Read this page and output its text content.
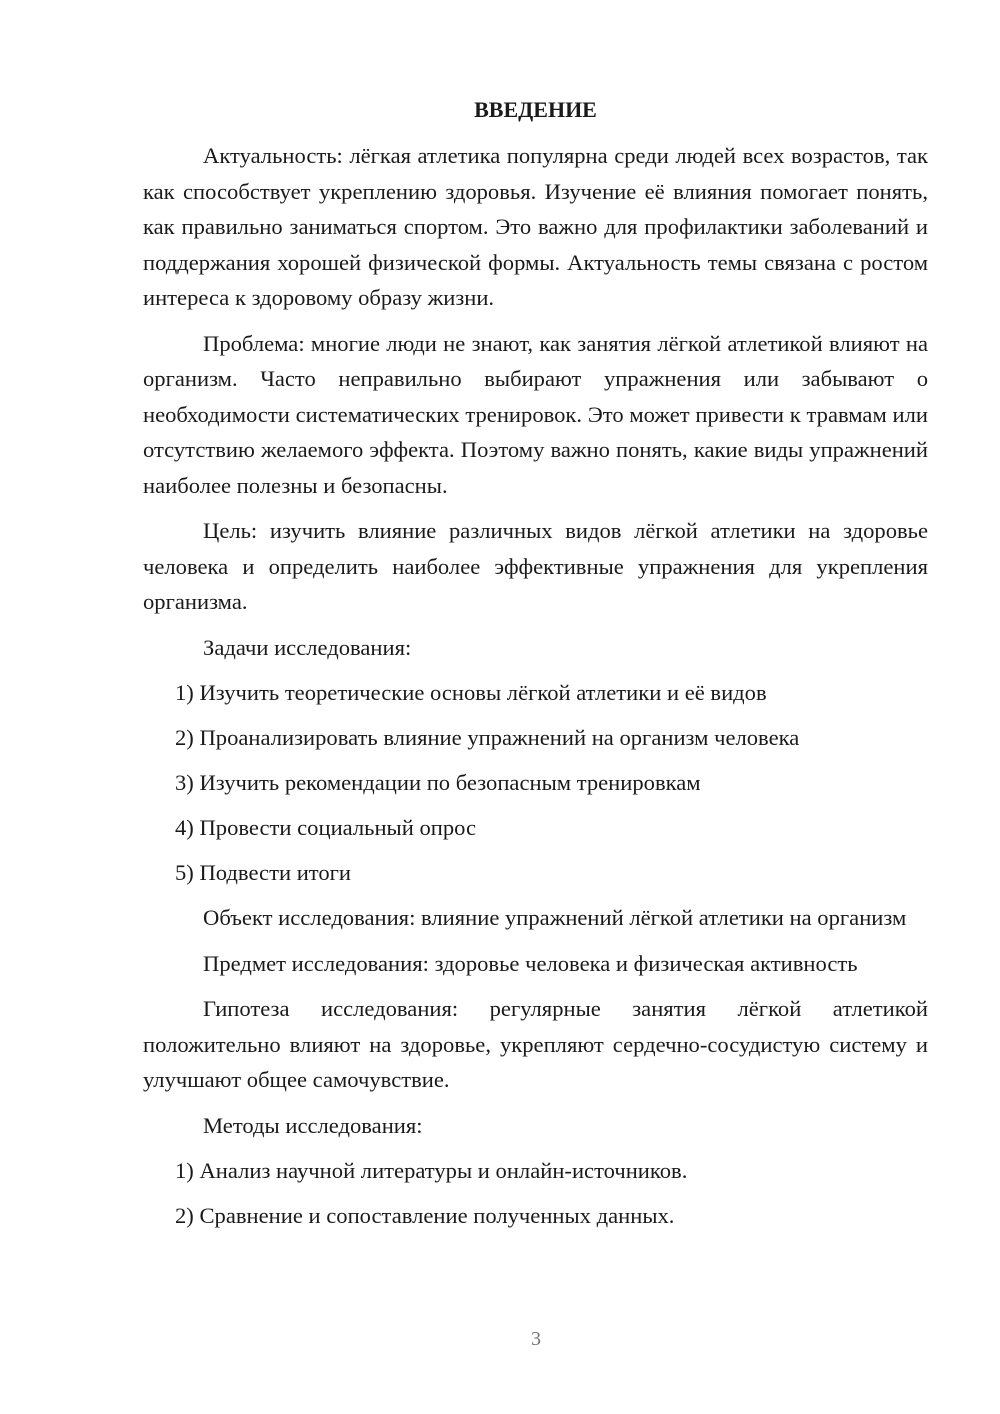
ВВЕДЕНИЕ

Актуальность: лёгкая атлетика популярна среди людей всех возрастов, так как способствует укреплению здоровья. Изучение её влияния помогает понять, как правильно заниматься спортом. Это важно для профилактики заболеваний и поддержания хорошей физической формы. Актуальность темы связана с ростом интереса к здоровому образу жизни.

Проблема: многие люди не знают, как занятия лёгкой атлетикой влияют на организм. Часто неправильно выбирают упражнения или забывают о необходимости систематических тренировок. Это может привести к травмам или отсутствию желаемого эффекта. Поэтому важно понять, какие виды упражнений наиболее полезны и безопасны.

Цель: изучить влияние различных видов лёгкой атлетики на здоровье человека и определить наиболее эффективные упражнения для укрепления организма.

Задачи исследования:

1) Изучить теоретические основы лёгкой атлетики и её видов
2) Проанализировать влияние упражнений на организм человека
3) Изучить рекомендации по безопасным тренировкам
4) Провести социальный опрос
5) Подвести итоги

Объект исследования: влияние упражнений лёгкой атлетики на организм

Предмет исследования: здоровье человека и физическая активность

Гипотеза исследования: регулярные занятия лёгкой атлетикой положительно влияют на здоровье, укрепляют сердечно-сосудистую систему и улучшают общее самочувствие.

Методы исследования:

1) Анализ научной литературы и онлайн-источников.
2) Сравнение и сопоставление полученных данных.
3
